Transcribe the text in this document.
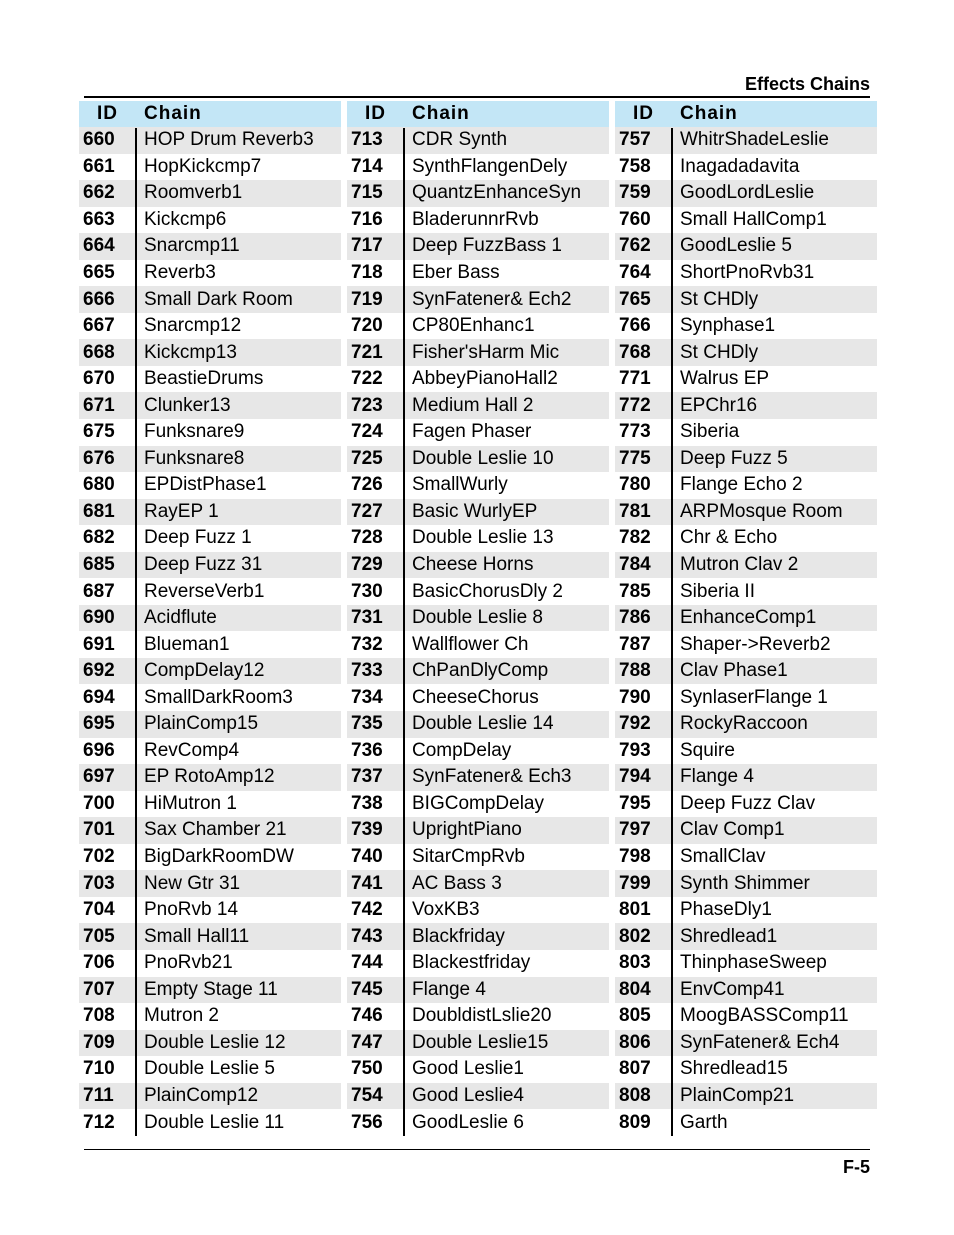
Effects Chains
ID	Chain
660	HOP Drum Reverb3
661	HopKickcmp7
662	Roomverb1
663	Kickcmp6
664	Snarcmp11
665	Reverb3
666	Small Dark Room
667	Snarcmp12
668	Kickcmp13
670	BeastieDrums
671	Clunker13
675	Funksnare9
676	Funksnare8
680	EPDistPhase1
681	RayEP 1
682	Deep Fuzz 1
685	Deep Fuzz 31
687	ReverseVerb1
690	Acidflute
691	Blueman1
692	CompDelay12
694	SmallDarkRoom3
695	PlainComp15
696	RevComp4
697	EP RotoAmp12
700	HiMutron 1
701	Sax Chamber 21
702	BigDarkRoomDW
703	New Gtr 31
704	PnoRvb 14
705	Small Hall11
706	PnoRvb21
707	Empty Stage 11
708	Mutron 2
709	Double Leslie 12
710	Double Leslie 5
711	PlainComp12
712	Double Leslie 11
ID	Chain
713	CDR Synth
714	SynthFlangenDely
715	QuantzEnhanceSyn
716	BladerunnrRvb
717	Deep FuzzBass 1
718	Eber Bass
719	SynFatener& Ech2
720	CP80Enhanc1
721	Fisher'sHarm Mic
722	AbbeyPianoHall2
723	Medium Hall 2
724	Fagen Phaser
725	Double Leslie 10
726	SmallWurly
727	Basic WurlyEP
728	Double Leslie 13
729	Cheese Horns
730	BasicChorusDly 2
731	Double Leslie 8
732	Wallflower Ch
733	ChPanDlyComp
734	CheeseChorus
735	Double Leslie 14
736	CompDelay
737	SynFatener& Ech3
738	BIGCompDelay
739	UprightPiano
740	SitarCmpRvb
741	AC Bass 3
742	VoxKB3
743	Blackfriday
744	Blackestfriday
745	Flange 4
746	DoubldistLslie20
747	Double Leslie15
750	Good Leslie1
754	Good Leslie4
756	GoodLeslie 6
ID	Chain
757	WhitrShadeLeslie
758	Inagadadavita
759	GoodLordLeslie
760	Small HallComp1
762	GoodLeslie 5
764	ShortPnoRvb31
765	St CHDly
766	Synphase1
768	St CHDly
771	Walrus EP
772	EPChr16
773	Siberia
775	Deep Fuzz 5
780	Flange Echo 2
781	ARPMosque Room
782	Chr & Echo
784	Mutron Clav 2
785	Siberia II
786	EnhanceComp1
787	Shaper->Reverb2
788	Clav Phase1
790	SynlaserFlange 1
792	RockyRaccoon
793	Squire
794	Flange 4
795	Deep Fuzz Clav
797	Clav Comp1
798	SmallClav
799	Synth Shimmer
801	PhaseDly1
802	Shredlead1
803	ThinphaseSweep
804	EnvComp41
805	MoogBASSComp11
806	SynFatener& Ech4
807	Shredlead15
808	PlainComp21
809	Garth
F-5
